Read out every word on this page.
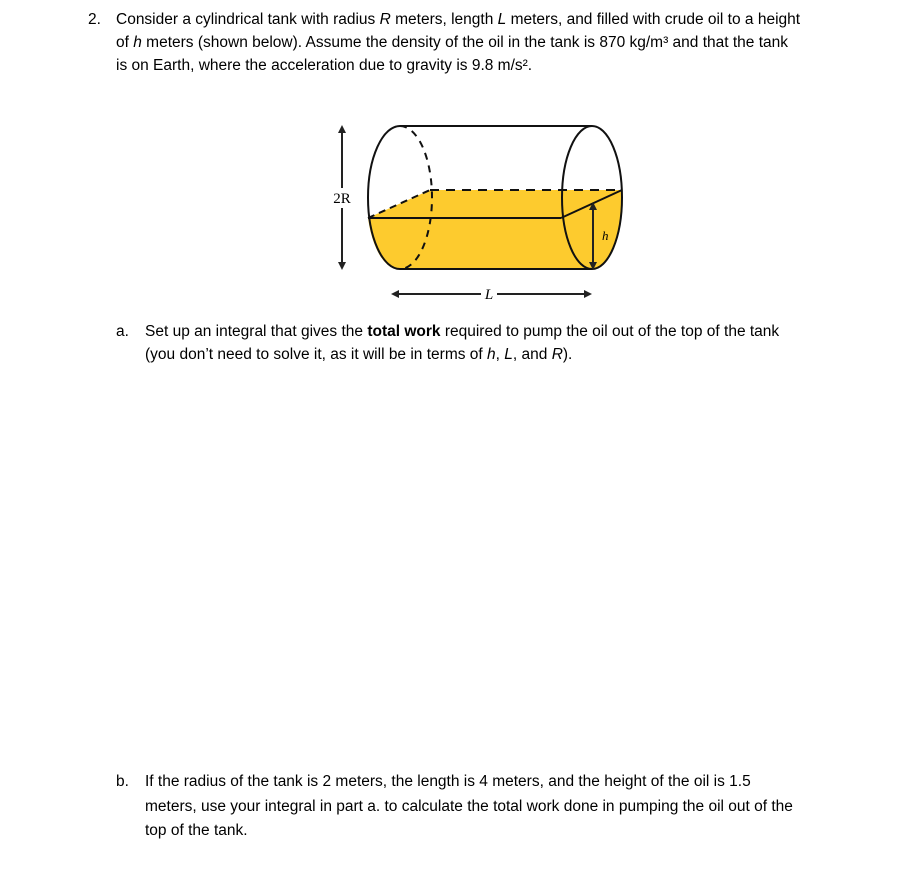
2. Consider a cylindrical tank with radius R meters, length L meters, and filled with crude oil to a height
of h meters (shown below). Assume the density of the oil in the tank is 870 kg/m³ and that the tank
is on Earth, where the acceleration due to gravity is 9.8 m/s².
2R
L
h
a. Set up an integral that gives the total work required to pump the oil out of the top of the tank
(you don’t need to solve it, as it will be in terms of h, L, and R).
b. If the radius of the tank is 2 meters, the length is 4 meters, and the height of the oil is 1.5
meters, use your integral in part a. to calculate the total work done in pumping the oil out of the
top of the tank.
